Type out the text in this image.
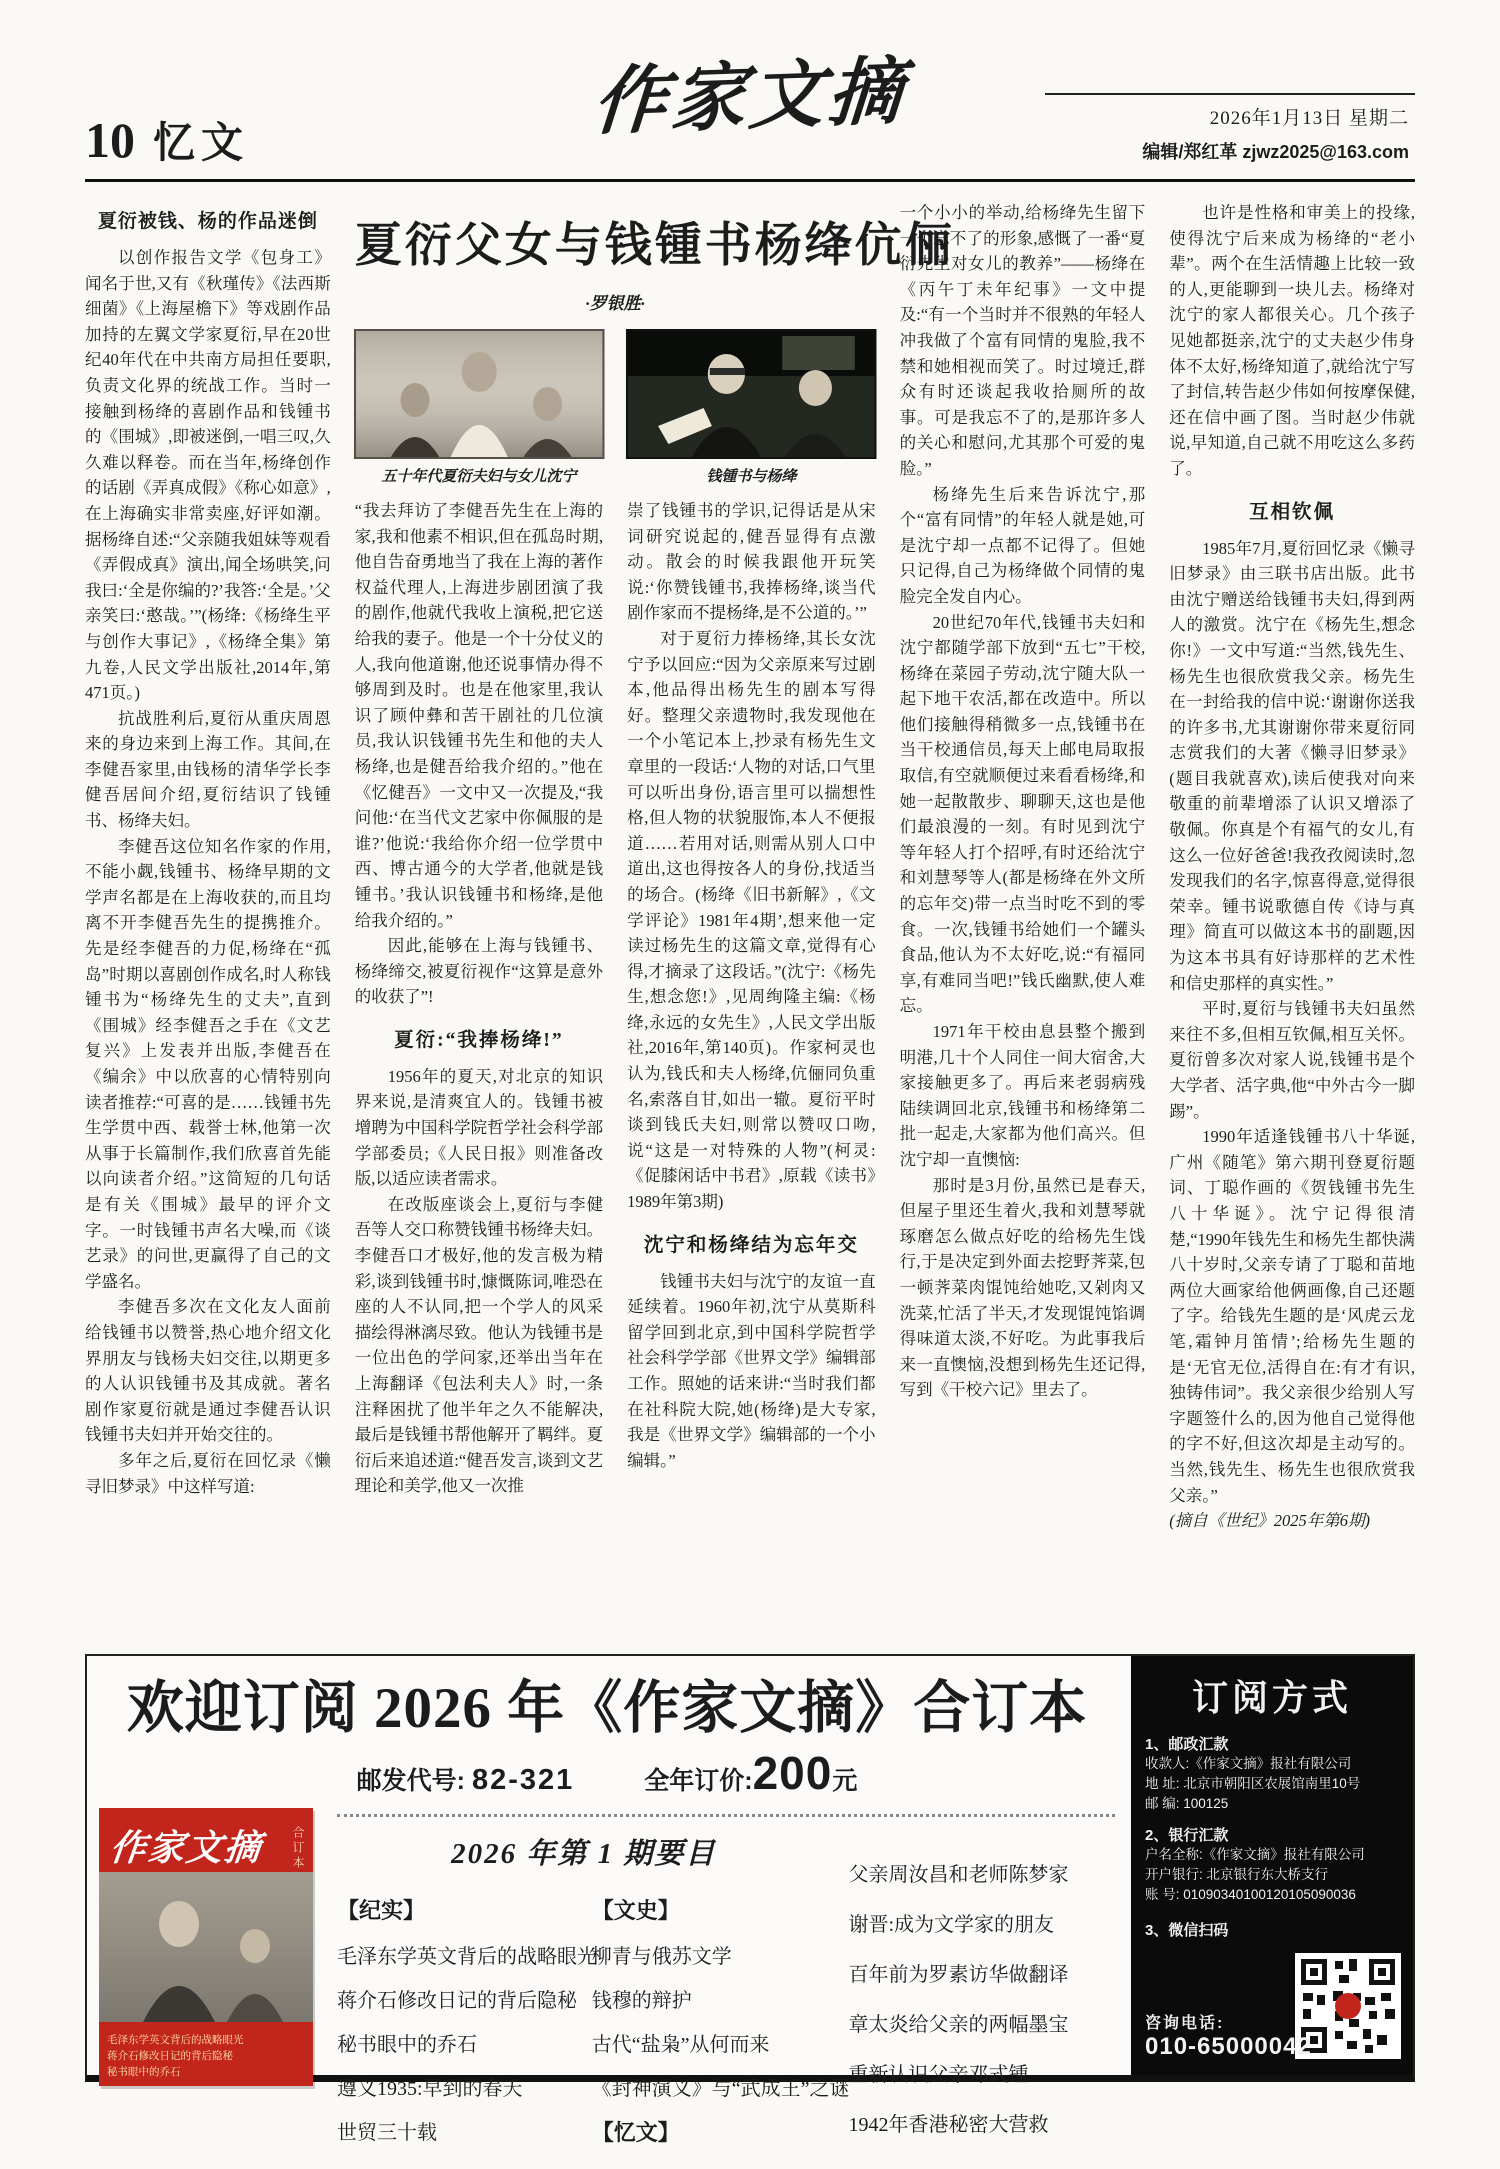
10 忆文	作家文摘	2026年1月13日 星期二
编辑/郑红革 zjwz2025@163.com
夏衍被钱、杨的作品迷倒

以创作报告文学《包身工》闻名于世,又有《秋瑾传》《法西斯细菌》《上海屋檐下》等戏剧作品加持的左翼文学家夏衍,早在20世纪40年代在中共南方局担任要职,负责文化界的统战工作。当时一接触到杨绛的喜剧作品和钱锺书的《围城》,即被迷倒,一唱三叹,久久难以释卷。而在当年,杨绛创作的话剧《弄真成假》《称心如意》,在上海确实非常卖座,好评如潮。据杨绛自述:“父亲随我姐妹等观看《弄假成真》演出,闻全场哄笑,问我曰:‘全是你编的?’我答:‘全是。’父亲笑曰:‘憨哉。’”(杨绛:《杨绛生平与创作大事记》,《杨绛全集》第九卷,人民文学出版社,2014年,第471页。)

抗战胜利后,夏衍从重庆周恩来的身边来到上海工作。其间,在李健吾家里,由钱杨的清华学长李健吾居间介绍,夏衍结识了钱锺书、杨绛夫妇。

李健吾这位知名作家的作用,不能小觑,钱锺书、杨绛早期的文学声名都是在上海收获的,而且均离不开李健吾先生的提携推介。先是经李健吾的力促,杨绛在“孤岛”时期以喜剧创作成名,时人称钱锺书为“杨绛先生的丈夫”,直到《围城》经李健吾之手在《文艺复兴》上发表并出版,李健吾在《编余》中以欣喜的心情特别向读者推荐:“可喜的是……钱锺书先生学贯中西、载誉士林,他第一次从事于长篇制作,我们欣喜首先能以向读者介绍。”这简短的几句话是有关《围城》最早的评介文字。一时钱锺书声名大噪,而《谈艺录》的问世,更赢得了自己的文学盛名。

李健吾多次在文化友人面前给钱锺书以赞誉,热心地介绍文化界朋友与钱杨夫妇交往,以期更多的人认识钱锺书及其成就。著名剧作家夏衍就是通过李健吾认识钱锺书夫妇并开始交往的。

多年之后,夏衍在回忆录《懒寻旧梦录》中这样写道:

夏衍父女与钱锺书杨绛伉俪
·罗银胜·
五十年代夏衍夫妇与女儿沈宁	钱锺书与杨绛

“我去拜访了李健吾先生在上海的家,我和他素不相识,但在孤岛时期,他自告奋勇地当了我在上海的著作权益代理人,上海进步剧团演了我的剧作,他就代我收上演税,把它送给我的妻子。他是一个十分仗义的人,我向他道谢,他还说事情办得不够周到及时。也是在他家里,我认识了顾仲彝和苦干剧社的几位演员,我认识钱锺书先生和他的夫人杨绛,也是健吾给我介绍的。”他在《忆健吾》一文中又一次提及,“我问他:‘在当代文艺家中你佩服的是谁?’他说:‘我给你介绍一位学贯中西、博古通今的大学者,他就是钱锺书。’我认识钱锺书和杨绛,是他给我介绍的。”

因此,能够在上海与钱锺书、杨绛缔交,被夏衍视作“这算是意外的收获了”!

夏衍:“我捧杨绛!”

1956年的夏天,对北京的知识界来说,是清爽宜人的。钱锺书被增聘为中国科学院哲学社会科学部学部委员;《人民日报》则准备改版,以适应读者需求。

在改版座谈会上,夏衍与李健吾等人交口称赞钱锺书杨绛夫妇。李健吾口才极好,他的发言极为精彩,谈到钱锺书时,慷慨陈词,唯恐在座的人不认同,把一个学人的风采描绘得淋漓尽致。他认为钱锺书是一位出色的学问家,还举出当年在上海翻译《包法利夫人》时,一条注释困扰了他半年之久不能解决,最后是钱锺书帮他解开了羁绊。夏衍后来追述道:“健吾发言,谈到文艺理论和美学,他又一次推

崇了钱锺书的学识,记得话是从宋词研究说起的,健吾显得有点激动。散会的时候我跟他开玩笑说:‘你赞钱锺书,我捧杨绛,谈当代剧作家而不提杨绛,是不公道的。’”

对于夏衍力捧杨绛,其长女沈宁予以回应:“因为父亲原来写过剧本,他品得出杨先生的剧本写得好。整理父亲遗物时,我发现他在一个小笔记本上,抄录有杨先生文章里的一段话:‘人物的对话,口气里可以听出身份,语言里可以揣想性格,但人物的状貌服饰,本人不便报道……若用对话,则需从别人口中道出,这也得按各人的身份,找适当的场合。(杨绛《旧书新解》,《文学评论》1981年4期’,想来他一定读过杨先生的这篇文章,觉得有心得,才摘录了这段话。”(沈宁:《杨先生,想念您!》,见周绚隆主编:《杨绛,永远的女先生》,人民文学出版社,2016年,第140页)。作家柯灵也认为,钱氏和夫人杨绛,伉俪同负重名,索落自甘,如出一辙。夏衍平时谈到钱氏夫妇,则常以赞叹口吻,说“这是一对特殊的人物”(柯灵:《促膝闲话中书君》,原载《读书》1989年第3期)

沈宁和杨绛结为忘年交

钱锺书夫妇与沈宁的友谊一直延续着。1960年初,沈宁从莫斯科留学回到北京,到中国科学院哲学社会科学学部《世界文学》编辑部工作。照她的话来讲:“当时我们都在社科院大院,她(杨绛)是大专家,我是《世界文学》编辑部的一个小编辑。”

一个小小的举动,给杨绛先生留下一个忘不了的形象,感慨了一番“夏衍先生对女儿的教养”——杨绛在《丙午丁未年纪事》一文中提及:“有一个当时并不很熟的年轻人冲我做了个富有同情的鬼脸,我不禁和她相视而笑了。时过境迁,群众有时还谈起我收拾厕所的故事。可是我忘不了的,是那许多人的关心和慰问,尤其那个可爱的鬼脸。”

杨绛先生后来告诉沈宁,那个“富有同情”的年轻人就是她,可是沈宁却一点都不记得了。但她只记得,自己为杨绛做个同情的鬼脸完全发自内心。

20世纪70年代,钱锺书夫妇和沈宁都随学部下放到“五七”干校,杨绛在菜园子劳动,沈宁随大队一起下地干农活,都在改造中。所以他们接触得稍微多一点,钱锺书在当干校通信员,每天上邮电局取报取信,有空就顺便过来看看杨绛,和她一起散散步、聊聊天,这也是他们最浪漫的一刻。有时见到沈宁等年轻人打个招呼,有时还给沈宁和刘慧琴等人(都是杨绛在外文所的忘年交)带一点当时吃不到的零食。一次,钱锺书给她们一个罐头食品,他认为不太好吃,说:“有福同享,有难同当吧!”钱氏幽默,使人难忘。

1971年干校由息县整个搬到明港,几十个人同住一间大宿舍,大家接触更多了。再后来老弱病残陆续调回北京,钱锺书和杨绛第二批一起走,大家都为他们高兴。但沈宁却一直懊恼:

那时是3月份,虽然已是春天,但屋子里还生着火,我和刘慧琴就琢磨怎么做点好吃的给杨先生饯行,于是决定到外面去挖野荠菜,包一顿荠菜肉馄饨给她吃,又剁肉又洗菜,忙活了半天,才发现馄饨馅调得味道太淡,不好吃。为此事我后来一直懊恼,没想到杨先生还记得,写到《干校六记》里去了。

也许是性格和审美上的投缘,使得沈宁后来成为杨绛的“老小辈”。两个在生活情趣上比较一致的人,更能聊到一块儿去。杨绛对沈宁的家人都很关心。几个孩子见她都挺亲,沈宁的丈夫赵少伟身体不太好,杨绛知道了,就给沈宁写了封信,转告赵少伟如何按摩保健,还在信中画了图。当时赵少伟就说,早知道,自己就不用吃这么多药了。

互相钦佩

1985年7月,夏衍回忆录《懒寻旧梦录》由三联书店出版。此书由沈宁赠送给钱锺书夫妇,得到两人的激赏。沈宁在《杨先生,想念你!》一文中写道:“当然,钱先生、杨先生也很欣赏我父亲。杨先生在一封给我的信中说:‘谢谢你送我的许多书,尤其谢谢你带来夏衍同志赏我们的大著《懒寻旧梦录》(题目我就喜欢),读后使我对向来敬重的前辈增添了认识又增添了敬佩。你真是个有福气的女儿,有这么一位好爸爸!我孜孜阅读时,忽发现我们的名字,惊喜得意,觉得很荣幸。锺书说歌德自传《诗与真理》简直可以做这本书的副题,因为这本书具有好诗那样的艺术性和信史那样的真实性。”

平时,夏衍与钱锺书夫妇虽然来往不多,但相互钦佩,相互关怀。夏衍曾多次对家人说,钱锺书是个大学者、活字典,他“中外古今一脚踢”。

1990年适逢钱锺书八十华诞,广州《随笔》第六期刊登夏衍题词、丁聪作画的《贺钱锺书先生八十华诞》。沈宁记得很清楚,“1990年钱先生和杨先生都快满八十岁时,父亲专请了丁聪和苗地两位大画家给他俩画像,自己还题了字。给钱先生题的是‘风虎云龙笔,霜钟月笛情’;给杨先生题的是‘无官无位,活得自在:有才有识,独铸伟词”。我父亲很少给别人写字题签什么的,因为他自己觉得他的字不好,但这次却是主动写的。当然,钱先生、杨先生也很欣赏我父亲。”

(摘自《世纪》2025年第6期)

欢迎订阅 2026 年《作家文摘》合订本
邮发代号: 82-321	全年订价:200元
作家文摘	合订本
毛泽东学英文背后的战略眼光
蒋介石修改日记的背后隐秘
秘书眼中的乔石
2026 年第 1 期要目
【纪实】
毛泽东学英文背后的战略眼光
蒋介石修改日记的背后隐秘
秘书眼中的乔石
遵义1935:早到的春天
世贸三十载
【文史】
柳青与俄苏文学
钱穆的辩护
古代“盐枭”从何而来
《封神演义》与“武成王”之谜
【忆文】
父亲周汝昌和老师陈梦家
谢晋:成为文学家的朋友
百年前为罗素访华做翻译
章太炎给父亲的两幅墨宝
重新认识父亲邓式锺
1942年香港秘密大营救
订阅方式
1、邮政汇款
收款人:《作家文摘》报社有限公司
地 址: 北京市朝阳区农展馆南里10号
邮 编: 100125
2、银行汇款
户名全称:《作家文摘》报社有限公司
开户银行: 北京银行东大桥支行
账 号: 01090340100120105090036
3、微信扫码
咨询电话:
010-65000042
